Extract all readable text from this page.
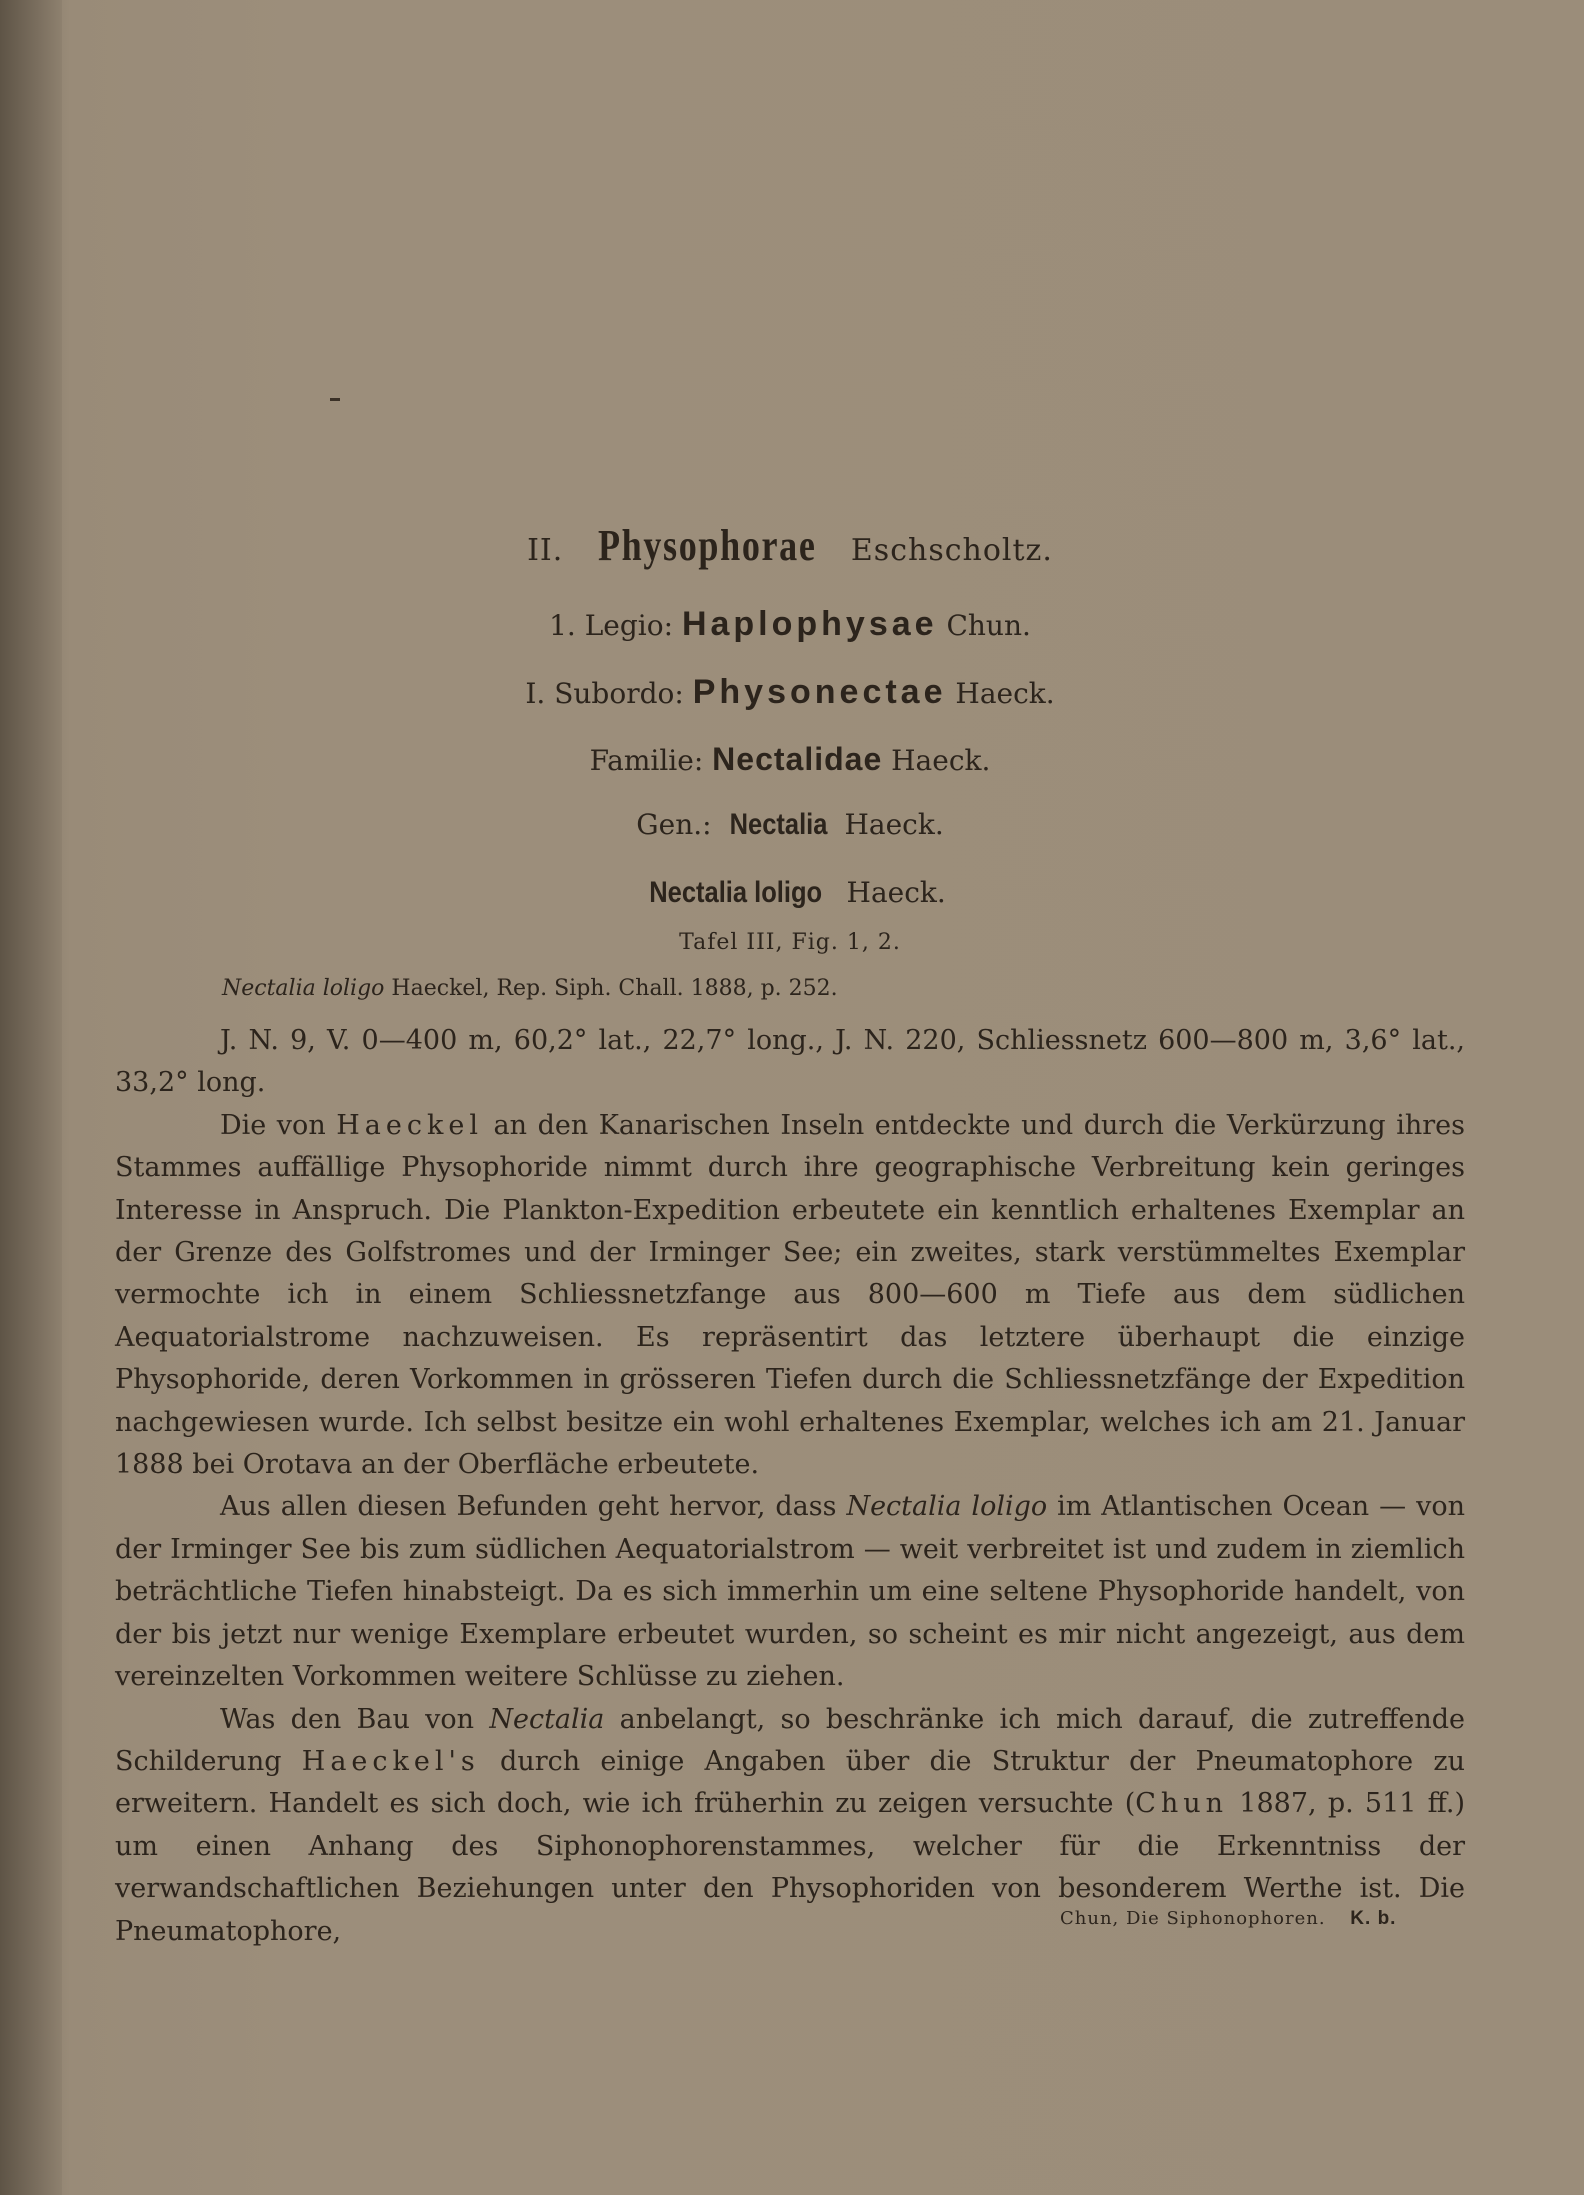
II. Physophorae Eschscholtz.
1. Legio: Haplophysae Chun.
I. Subordo: Physonectae Haeck.
Familie: Nectalidae Haeck.
Gen.: Nectalia Haeck.
Nectalia loligo Haeck.
Tafel III, Fig. 1, 2.
Nectalia loligo Haeckel, Rep. Siph. Chall. 1888, p. 252.

J. N. 9, V. 0—400 m, 60,2° lat., 22,7° long., J. N. 220, Schliessnetz 600—800 m, 3,6° lat., 33,2° long.

Die von Haeckel an den Kanarischen Inseln entdeckte und durch die Verkürzung ihres Stammes auffällige Physophoride nimmt durch ihre geographische Verbreitung kein geringes Interesse in Anspruch. Die Plankton-Expedition erbeutete ein kenntlich erhaltenes Exemplar an der Grenze des Golfstromes und der Irminger See; ein zweites, stark verstümmeltes Exemplar vermochte ich in einem Schliessnetzfange aus 800—600 m Tiefe aus dem südlichen Aequatorialstrome nachzuweisen. Es repräsentirt das letztere überhaupt die einzige Physophoride, deren Vorkommen in grösseren Tiefen durch die Schliessnetzfänge der Expedition nachgewiesen wurde. Ich selbst besitze ein wohl erhaltenes Exemplar, welches ich am 21. Januar 1888 bei Orotava an der Oberfläche erbeutete.

Aus allen diesen Befunden geht hervor, dass Nectalia loligo im Atlantischen Ocean — von der Irminger See bis zum südlichen Aequatorialstrom — weit verbreitet ist und zudem in ziemlich beträchtliche Tiefen hinabsteigt. Da es sich immerhin um eine seltene Physophoride handelt, von der bis jetzt nur wenige Exemplare erbeutet wurden, so scheint es mir nicht angezeigt, aus dem vereinzelten Vorkommen weitere Schlüsse zu ziehen.

Was den Bau von Nectalia anbelangt, so beschränke ich mich darauf, die zutreffende Schilderung Haeckel's durch einige Angaben über die Struktur der Pneumatophore zu erweitern. Handelt es sich doch, wie ich früherhin zu zeigen versuchte (Chun 1887, p. 511 ff.) um einen Anhang des Siphonophorenstammes, welcher für die Erkenntniss der verwandschaftlichen Beziehungen unter den Physophoriden von besonderem Werthe ist. Die Pneumatophore,	Chun, Die Siphonophoren. K. b.
